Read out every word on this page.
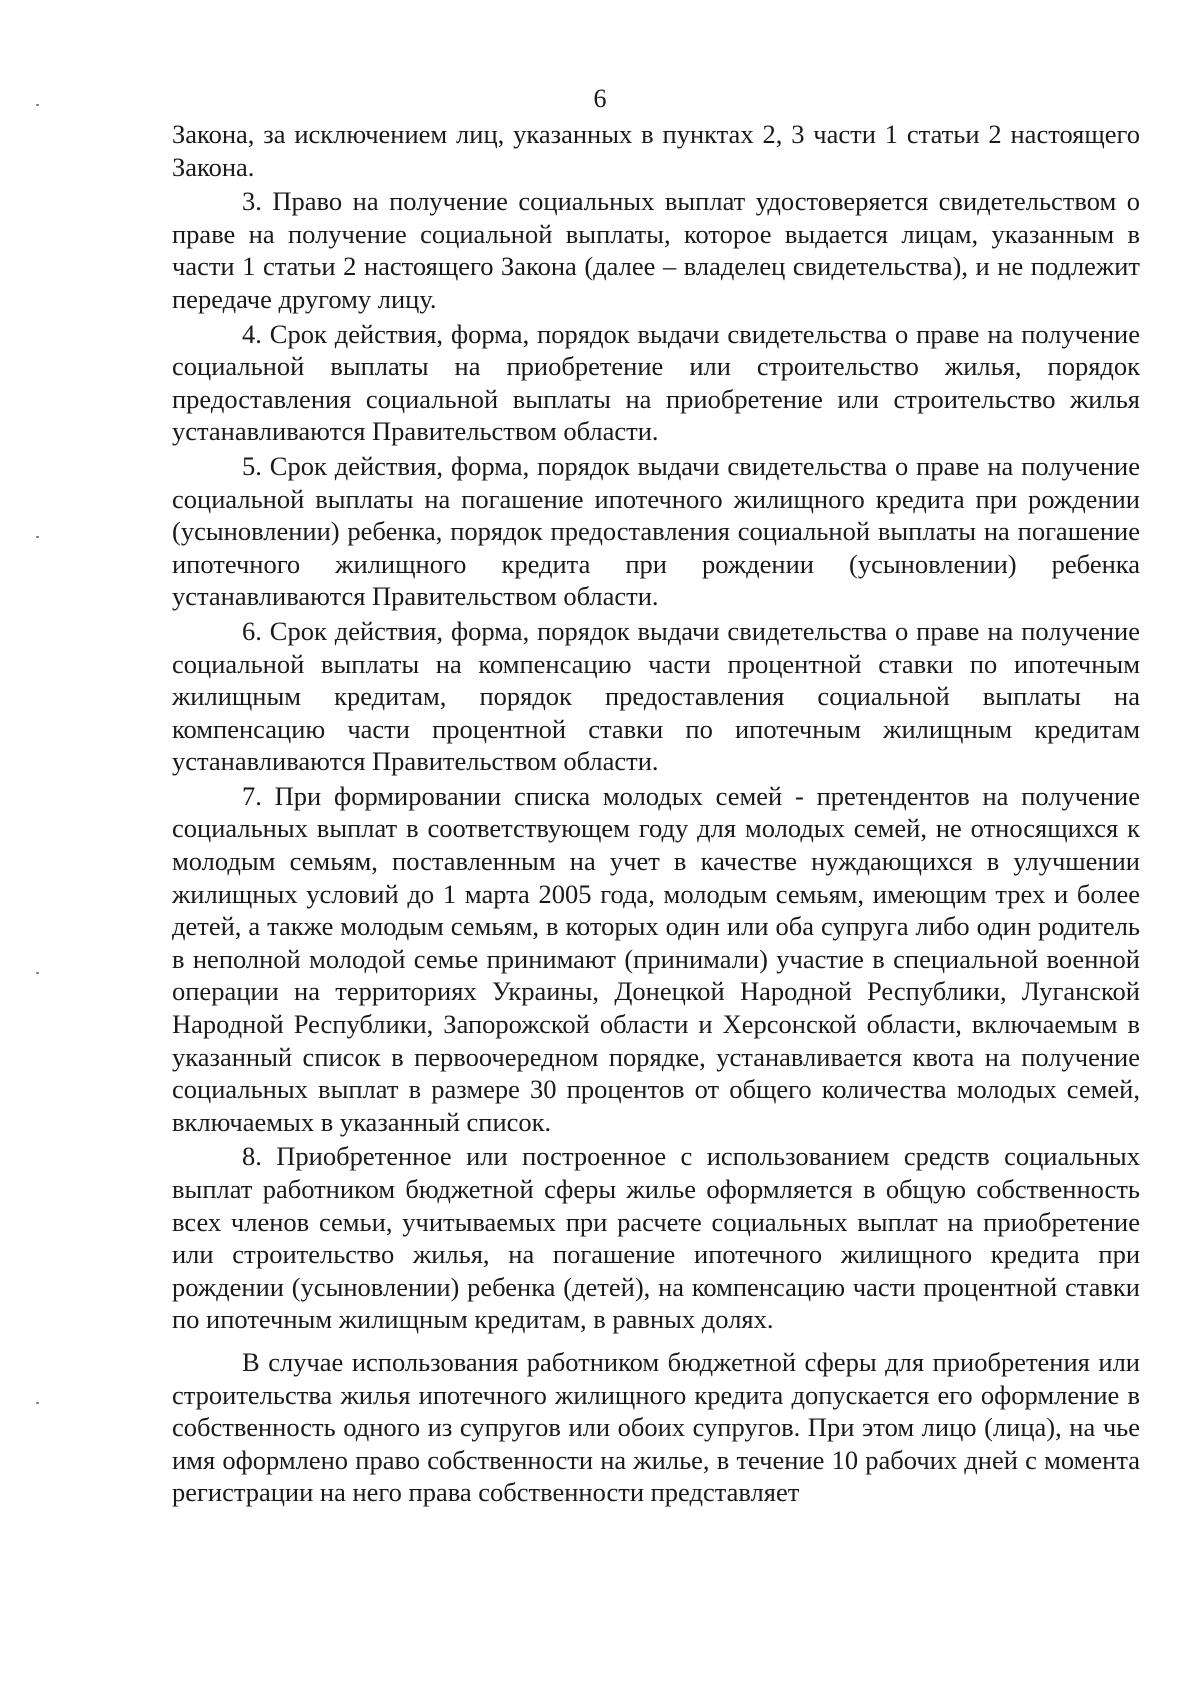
6

Закона, за исключением лиц, указанных в пунктах 2, 3 части 1 статьи 2 настоящего Закона.

3. Право на получение социальных выплат удостоверяется свидетельством о праве на получение социальной выплаты, которое выдается лицам, указанным в части 1 статьи 2 настоящего Закона (далее – владелец свидетельства), и не подлежит передаче другому лицу.

4. Срок действия, форма, порядок выдачи свидетельства о праве на получение социальной выплаты на приобретение или строительство жилья, порядок предоставления социальной выплаты на приобретение или строительство жилья устанавливаются Правительством области.

5. Срок действия, форма, порядок выдачи свидетельства о праве на получение социальной выплаты на погашение ипотечного жилищного кредита при рождении (усыновлении) ребенка, порядок предоставления социальной выплаты на погашение ипотечного жилищного кредита при рождении (усыновлении) ребенка устанавливаются Правительством области.

6. Срок действия, форма, порядок выдачи свидетельства о праве на получение социальной выплаты на компенсацию части процентной ставки по ипотечным жилищным кредитам, порядок предоставления социальной выплаты на компенсацию части процентной ставки по ипотечным жилищным кредитам устанавливаются Правительством области.

7. При формировании списка молодых семей - претендентов на получение социальных выплат в соответствующем году для молодых семей, не относящихся к молодым семьям, поставленным на учет в качестве нуждающихся в улучшении жилищных условий до 1 марта 2005 года, молодым семьям, имеющим трех и более детей, а также молодым семьям, в которых один или оба супруга либо один родитель в неполной молодой семье принимают (принимали) участие в специальной военной операции на территориях Украины, Донецкой Народной Республики, Луганской Народной Республики, Запорожской области и Херсонской области, включаемым в указанный список в первоочередном порядке, устанавливается квота на получение социальных выплат в размере 30 процентов от общего количества молодых семей, включаемых в указанный список.

8. Приобретенное или построенное с использованием средств социальных выплат работником бюджетной сферы жилье оформляется в общую собственность всех членов семьи, учитываемых при расчете социальных выплат на приобретение или строительство жилья, на погашение ипотечного жилищного кредита при рождении (усыновлении) ребенка (детей), на компенсацию части процентной ставки по ипотечным жилищным кредитам, в равных долях.

В случае использования работником бюджетной сферы для приобретения или строительства жилья ипотечного жилищного кредита допускается его оформление в собственность одного из супругов или обоих супругов. При этом лицо (лица), на чье имя оформлено право собственности на жилье, в течение 10 рабочих дней с момента регистрации на него права собственности представляет
